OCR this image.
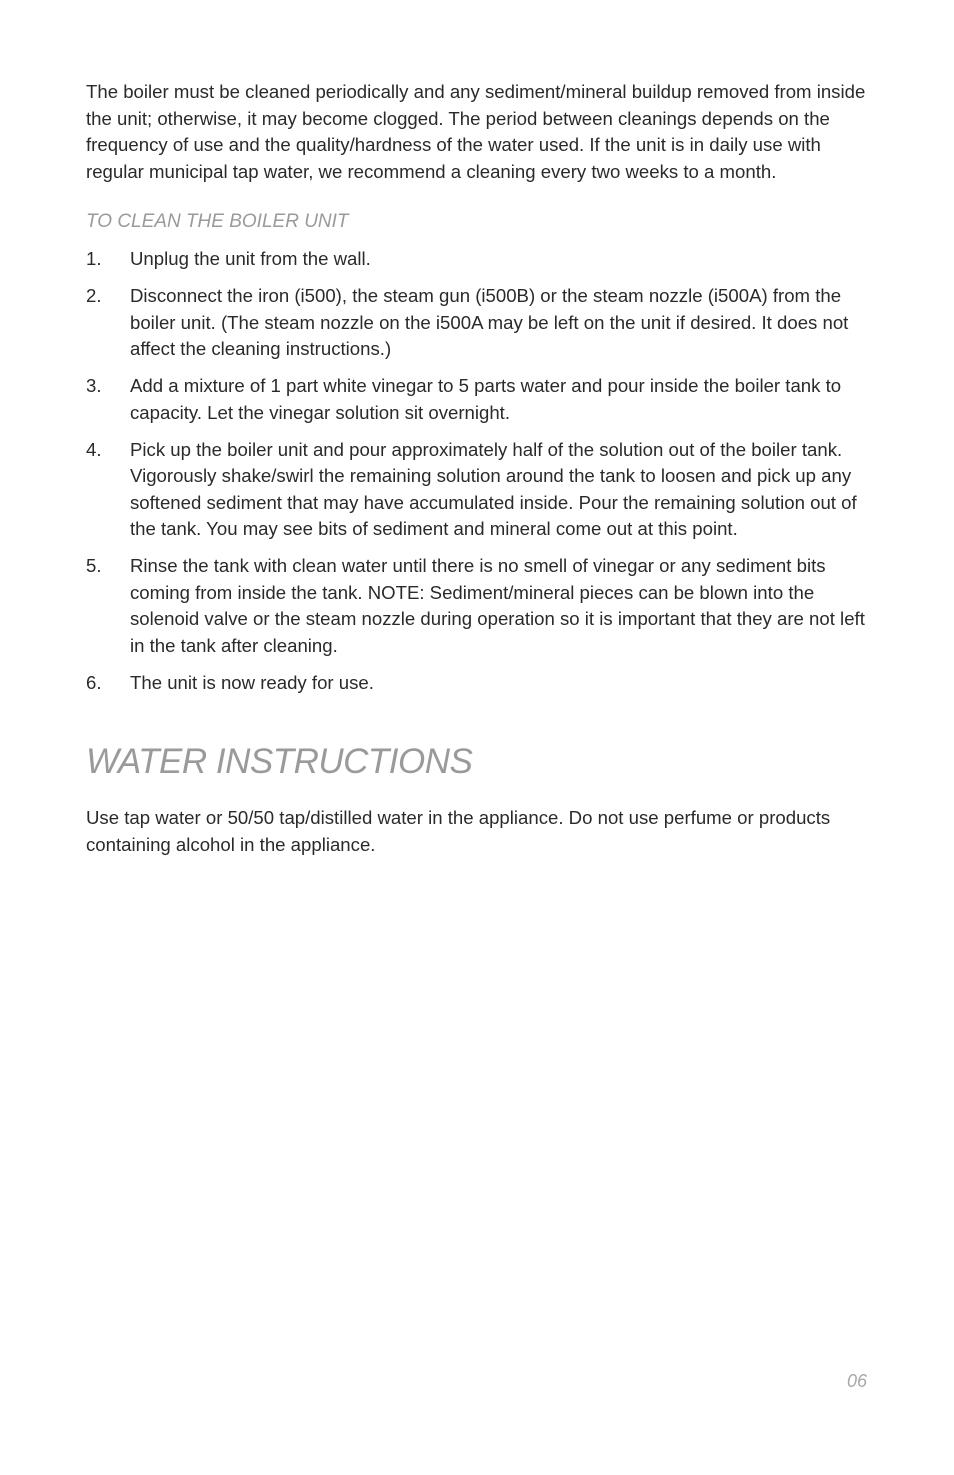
The boiler must be cleaned periodically and any sediment/mineral buildup removed from inside the unit; otherwise, it may become clogged. The period between cleanings depends on the frequency of use and the quality/hardness of the water used. If the unit is in daily use with regular municipal tap water, we recommend a cleaning every two weeks to a month.

TO CLEAN THE BOILER UNIT
1.	Unplug the unit from the wall.
2.	Disconnect the iron (i500), the steam gun (i500B) or the steam nozzle (i500A) from the boiler unit. (The steam nozzle on the i500A may be left on the unit if desired. It does not affect the cleaning instructions.)
3.	Add a mixture of 1 part white vinegar to 5 parts water and pour inside the boiler tank to capacity. Let the vinegar solution sit overnight.
4.	Pick up the boiler unit and pour approximately half of the solution out of the boiler tank. Vigorously shake/swirl the remaining solution around the tank to loosen and pick up any softened sediment that may have accumulated inside. Pour the remaining solution out of the tank. You may see bits of sediment and mineral come out at this point.
5.	Rinse the tank with clean water until there is no smell of vinegar or any sediment bits coming from inside the tank. NOTE: Sediment/mineral pieces can be blown into the solenoid valve or the steam nozzle during operation so it is important that they are not left in the tank after cleaning.
6.	The unit is now ready for use.
WATER INSTRUCTIONS

Use tap water or 50/50 tap/distilled water in the appliance. Do not use perfume or products containing alcohol in the appliance.

06
